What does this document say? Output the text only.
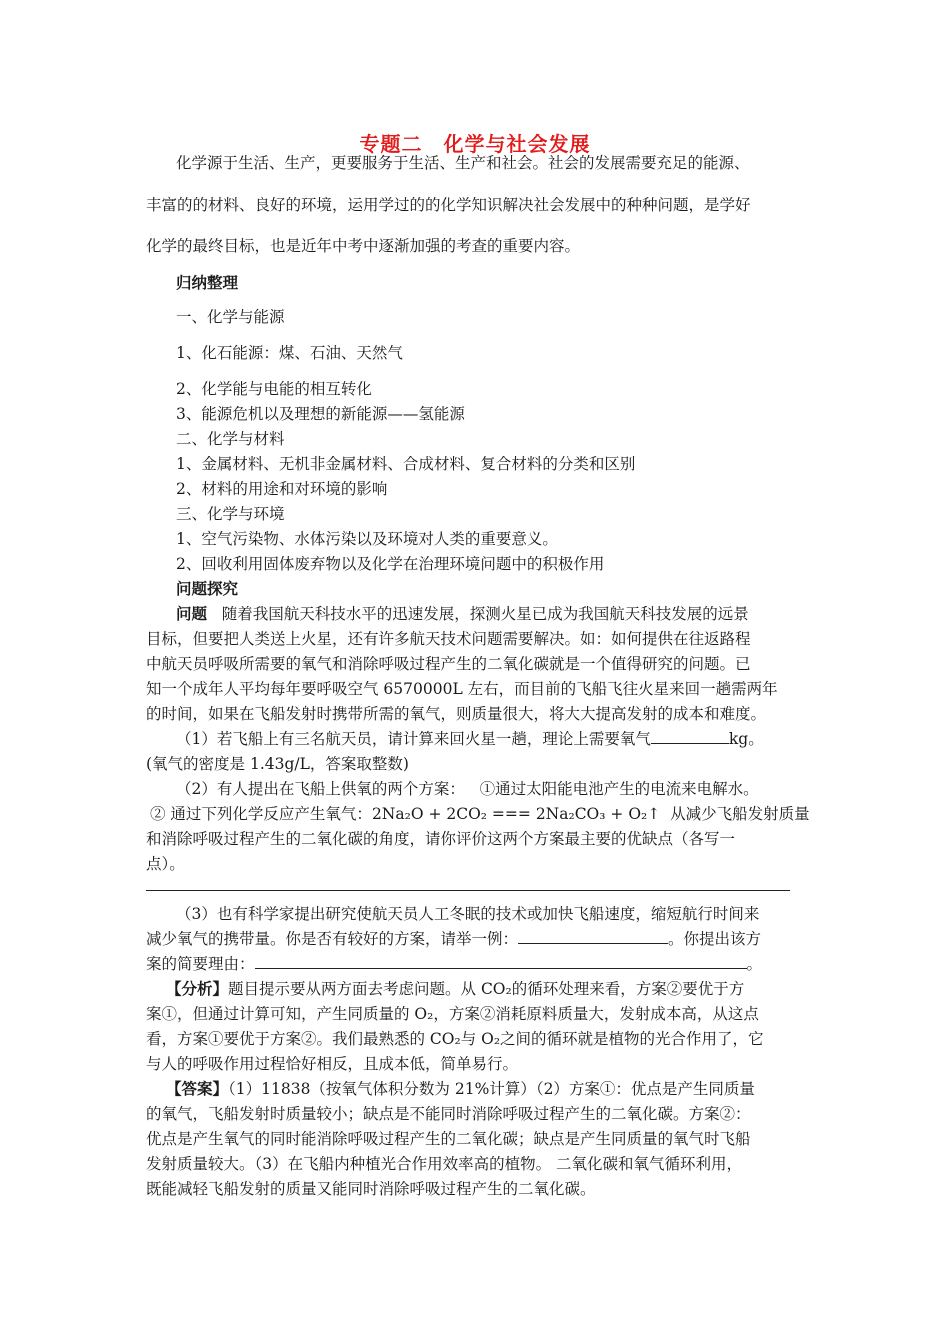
专题二　化学与社会发展
化学源于生活、生产，更要服务于生活、生产和社会。社会的发展需要充足的能源、
丰富的的材料、良好的环境，运用学过的的化学知识解决社会发展中的种种问题，是学好
化学的最终目标，也是近年中考中逐渐加强的考查的重要内容。
归纳整理
一、化学与能源
1、化石能源：煤、石油、天然气
2、化学能与电能的相互转化
3、能源危机以及理想的新能源——氢能源
二、化学与材料
1、金属材料、无机非金属材料、合成材料、复合材料的分类和区别
2、材料的用途和对环境的影响
三、化学与环境
1、空气污染物、水体污染以及环境对人类的重要意义。
2、回收利用固体废弃物以及化学在治理环境问题中的积极作用
问题探究
问题 随着我国航天科技水平的迅速发展，探测火星已成为我国航天科技发展的远景
目标，但要把人类送上火星，还有许多航天技术问题需要解决。如：如何提供在往返路程
中航天员呼吸所需要的氧气和消除呼吸过程产生的二氧化碳就是一个值得研究的问题。已
知一个成年人平均每年要呼吸空气 6570000L 左右，而目前的飞船飞往火星来回一趟需两年
的时间，如果在飞船发射时携带所需的氧气，则质量很大，将大大提高发射的成本和难度。
（1）若飞船上有三名航天员，请计算来回火星一趟，理论上需要氧气	kg。
(氧气的密度是 1.43g/L，答案取整数)
（2）有人提出在飞船上供氧的两个方案： ①通过太阳能电池产生的电流来电解水。
② 通过下列化学反应产生氧气：2Na₂O + 2CO₂ === 2Na₂CO₃ + O₂↑ 从减少飞船发射质量
和消除呼吸过程产生的二氧化碳的角度，请你评价这两个方案最主要的优缺点（各写一
点）。
（3）也有科学家提出研究使航天员人工冬眠的技术或加快飞船速度，缩短航行时间来
减少氧气的携带量。你是否有较好的方案，请举一例：	。你提出该方
案的简要理由：	。
【分析】题目提示要从两方面去考虑问题。从 CO₂的循环处理来看，方案②要优于方
案①，但通过计算可知，产生同质量的 O₂，方案②消耗原料质量大，发射成本高，从这点
看，方案①要优于方案②。我们最熟悉的 CO₂与 O₂之间的循环就是植物的光合作用了，它
与人的呼吸作用过程恰好相反，且成本低，简单易行。
【答案】（1）11838（按氧气体积分数为 21%计算）（2）方案①：优点是产生同质量
的氧气，飞船发射时质量较小；缺点是不能同时消除呼吸过程产生的二氧化碳。方案②：
优点是产生氧气的同时能消除呼吸过程产生的二氧化碳；缺点是产生同质量的氧气时飞船
发射质量较大。（3）在飞船内种植光合作用效率高的植物。 二氧化碳和氧气循环利用，
既能减轻飞船发射的质量又能同时消除呼吸过程产生的二氧化碳。
